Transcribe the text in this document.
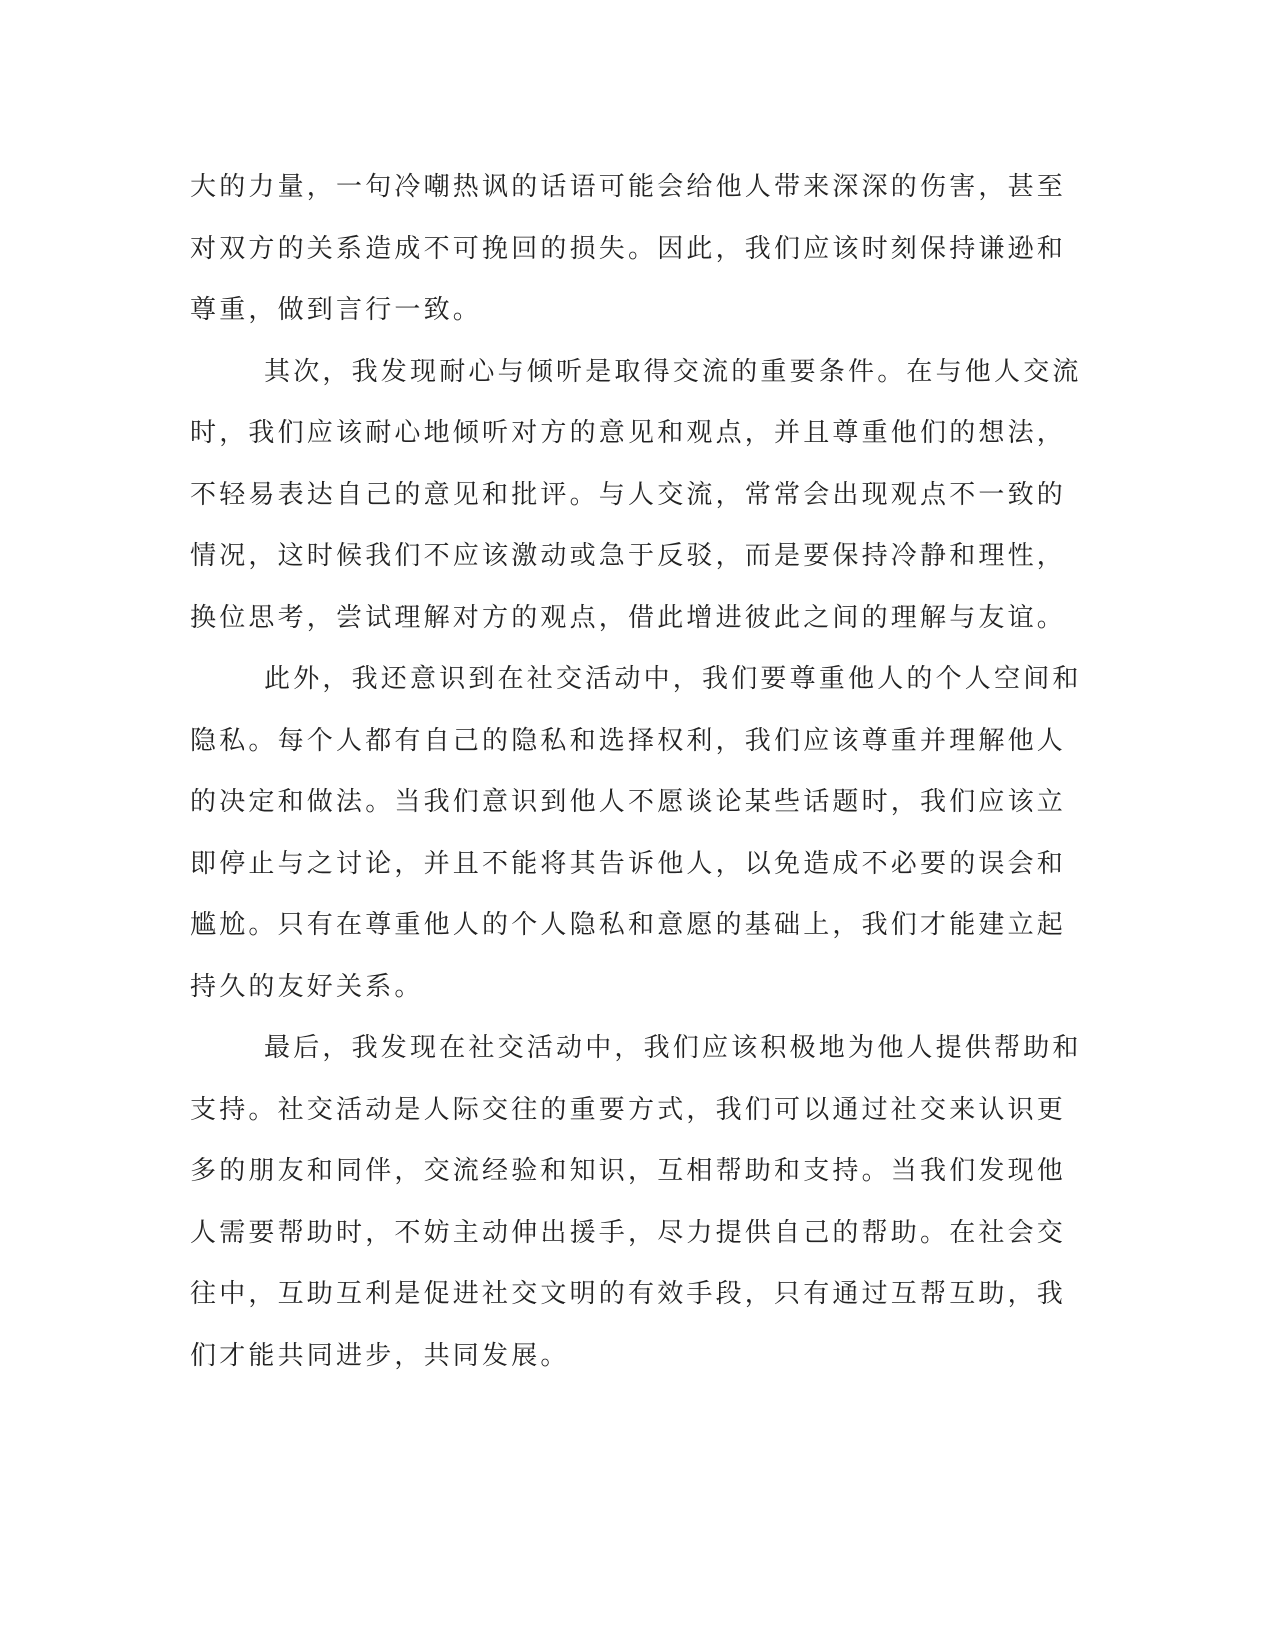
大的力量，一句冷嘲热讽的话语可能会给他人带来深深的伤害，甚至
对双方的关系造成不可挽回的损失。因此，我们应该时刻保持谦逊和
尊重，做到言行一致。

其次，我发现耐心与倾听是取得交流的重要条件。在与他人交流
时，我们应该耐心地倾听对方的意见和观点，并且尊重他们的想法，
不轻易表达自己的意见和批评。与人交流，常常会出现观点不一致的
情况，这时候我们不应该激动或急于反驳，而是要保持冷静和理性，
换位思考，尝试理解对方的观点，借此增进彼此之间的理解与友谊。

此外，我还意识到在社交活动中，我们要尊重他人的个人空间和
隐私。每个人都有自己的隐私和选择权利，我们应该尊重并理解他人
的决定和做法。当我们意识到他人不愿谈论某些话题时，我们应该立
即停止与之讨论，并且不能将其告诉他人，以免造成不必要的误会和
尴尬。只有在尊重他人的个人隐私和意愿的基础上，我们才能建立起
持久的友好关系。

最后，我发现在社交活动中，我们应该积极地为他人提供帮助和
支持。社交活动是人际交往的重要方式，我们可以通过社交来认识更
多的朋友和同伴，交流经验和知识，互相帮助和支持。当我们发现他
人需要帮助时，不妨主动伸出援手，尽力提供自己的帮助。在社会交
往中，互助互利是促进社交文明的有效手段，只有通过互帮互助，我
们才能共同进步，共同发展。
